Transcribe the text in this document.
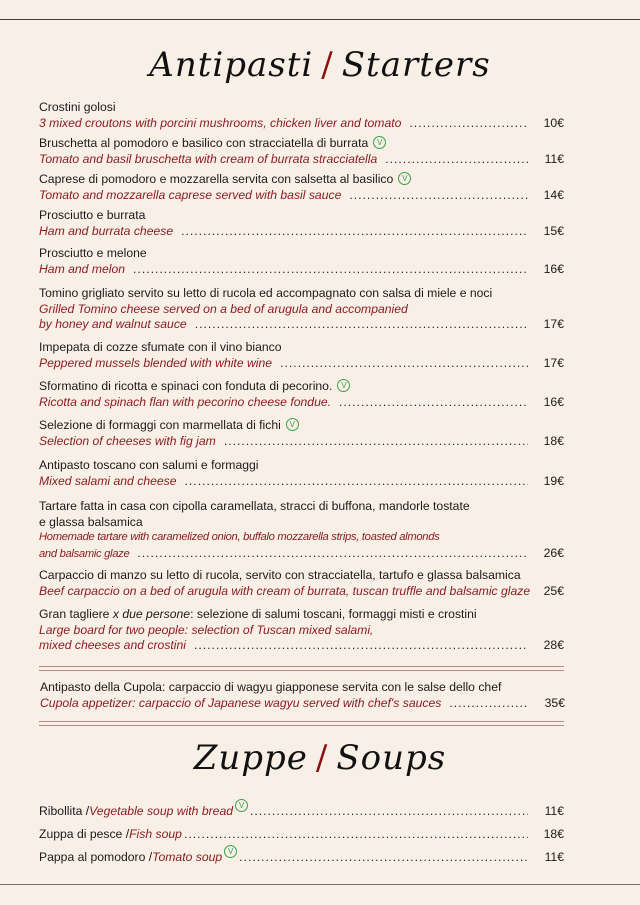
Antipasti / Starters
Crostini golosi
3 mixed croutons with porcini mushrooms, chicken liver and tomato .....	10€
Bruschetta al pomodoro e basilico con stracciatella di burrata V
Tomato and basil bruschetta with cream of burrata stracciatella .....	11€
Caprese di pomodoro e mozzarella servita con salsetta al basilico V
Tomato and mozzarella caprese served with basil sauce .....	14€
Prosciutto e burrata
Ham and burrata cheese .....	15€
Prosciutto e melone
Ham and melon .....	16€
Tomino grigliato servito su letto di rucola ed accompagnato con salsa di miele e noci
Grilled Tomino cheese served on a bed of arugula and accompanied
by honey and walnut sauce .....	17€
Impepata di cozze sfumate con il vino bianco
Peppered mussels blended with white wine .....	17€
Sformatino di ricotta e spinaci con fonduta di pecorino. V
Ricotta and spinach flan with pecorino cheese fondue. .....	16€
Selezione di formaggi con marmellata di fichi V
Selection of cheeses with fig jam .....	18€
Antipasto toscano con salumi e formaggi
Mixed salami and cheese .....	19€
Tartare fatta in casa con cipolla caramellata, stracci di buffona, mandorle tostate
e glassa balsamica
Homemade tartare with caramelized onion, buffalo mozzarella strips, toasted almonds
and balsamic glaze .....	26€
Carpaccio di manzo su letto di rucola, servito con stracciatella, tartufo e glassa balsamica
Beef carpaccio on a bed of arugula with cream of burrata, tuscan truffle and balsamic glaze	25€
Gran tagliere x due persone: selezione di salumi toscani, formaggi misti e crostini
Large board for two people: selection of Tuscan mixed salami,
mixed cheeses and crostini .....	28€
Antipasto della Cupola: carpaccio di wagyu giapponese servita con le salse dello chef
Cupola appetizer: carpaccio of Japanese wagyu served with chef's sauces .....	35€
Zuppe / Soups
Ribollita / Vegetable soup with bread V .....	11€
Zuppa di pesce / Fish soup .....	18€
Pappa al pomodoro / Tomato soup V .....	11€
